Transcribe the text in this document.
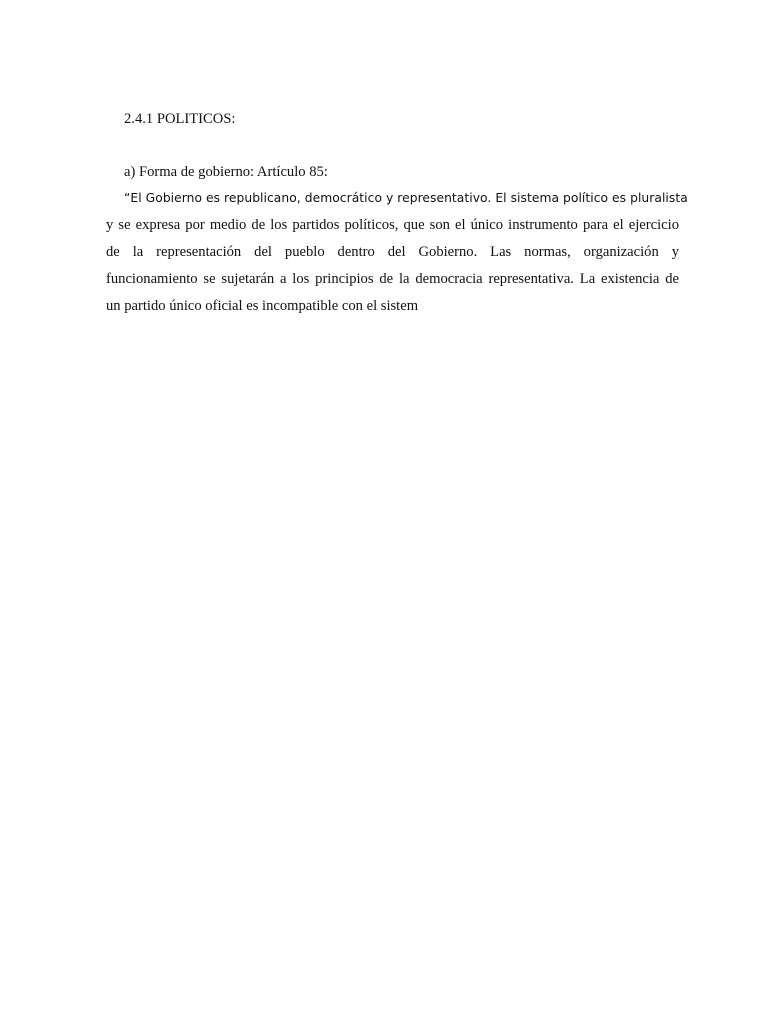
2.4.1 POLITICOS:

a) Forma de gobierno: Artículo 85:

“El Gobierno es republicano, democrático y representativo. El sistema político es pluralista
y se expresa por medio de los partidos políticos, que son el único instrumento para el ejercicio
de la representación del pueblo dentro del Gobierno. Las normas, organización y
funcionamiento se sujetarán a los principios de la democracia representativa. La existencia de
un partido único oficial es incompatible con el sistem
